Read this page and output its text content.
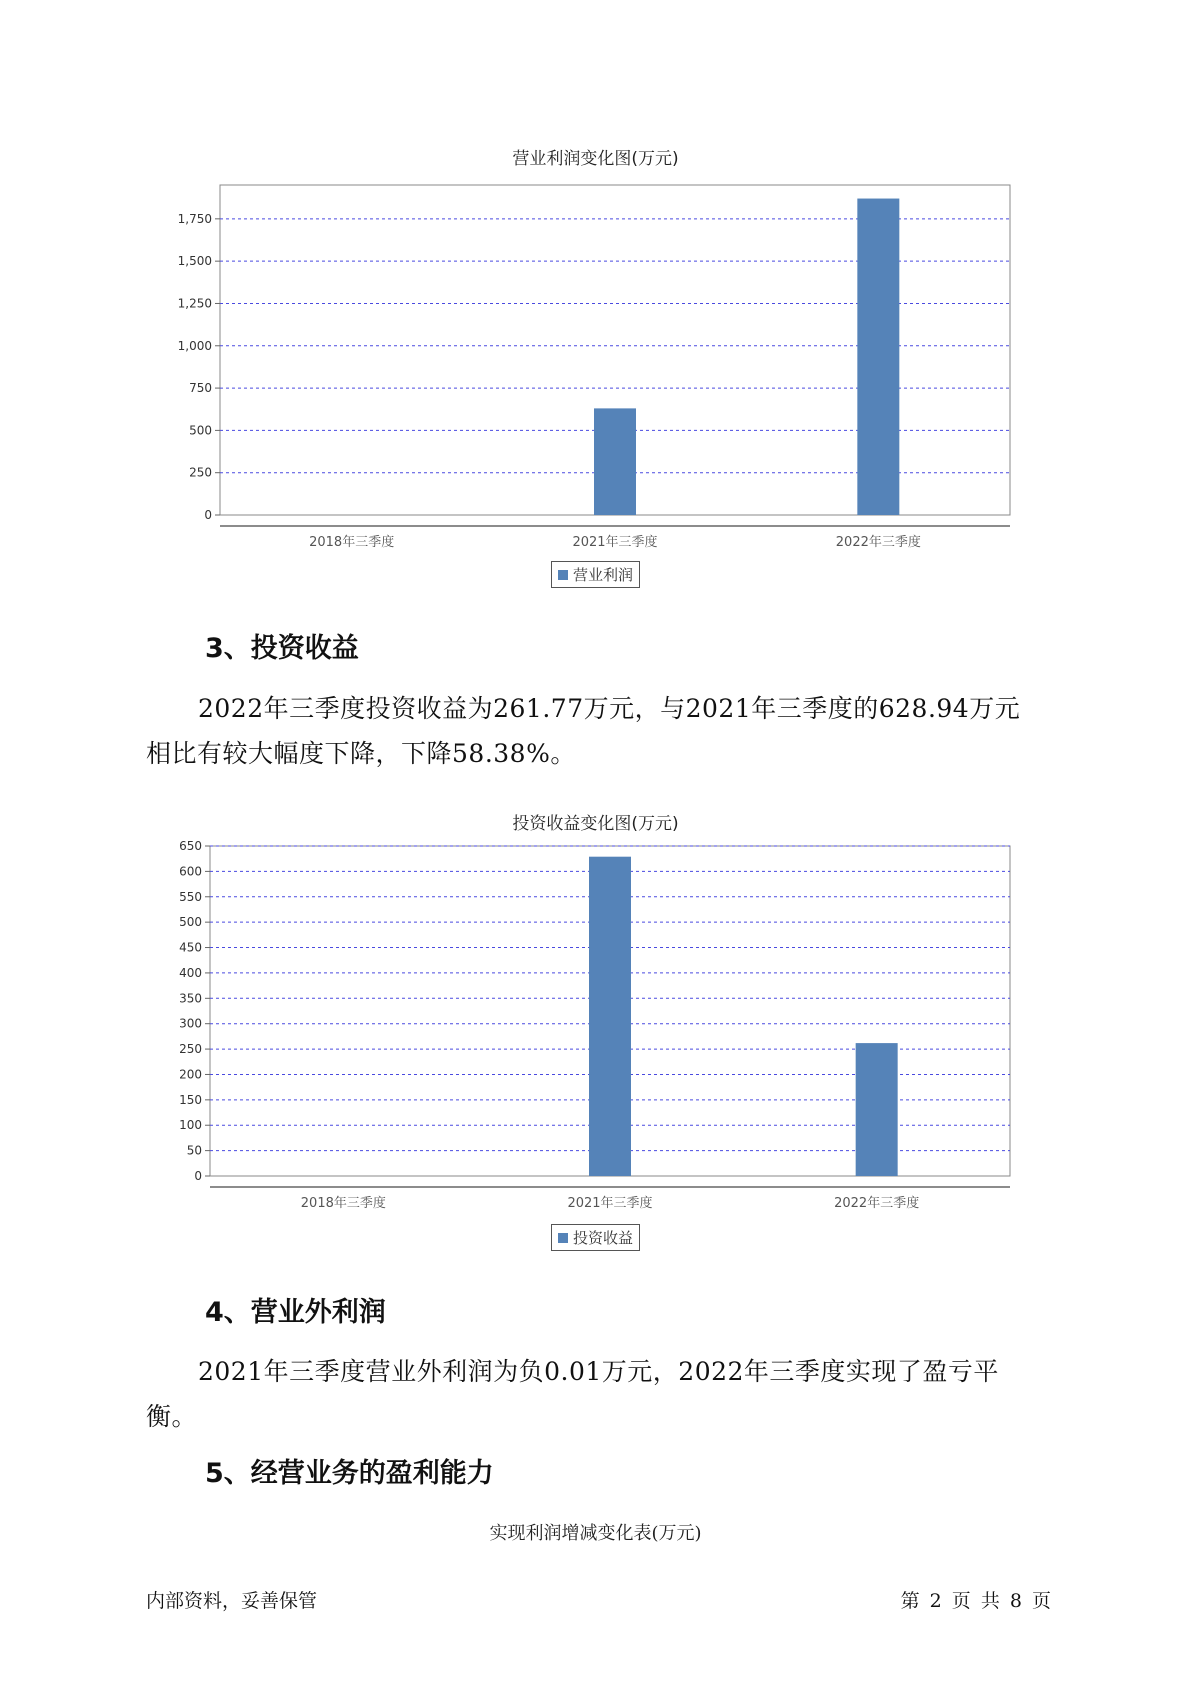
营业利润变化图(万元)
0
250
500
750
1,000
1,250
1,500
1,750
2018年三季度	2021年三季度	2022年三季度
营业利润
3、投资收益
2022年三季度投资收益为261.77万元，与2021年三季度的628.94万元
相比有较大幅度下降，下降58.38%。
投资收益变化图(万元)
0
50
100
150
200
250
300
350
400
450
500
550
600
650
2018年三季度	2021年三季度	2022年三季度
投资收益
4、营业外利润
2021年三季度营业外利润为负0.01万元，2022年三季度实现了盈亏平
衡。
5、经营业务的盈利能力
实现利润增减变化表(万元)
内部资料，妥善保管	第 2 页 共 8 页
